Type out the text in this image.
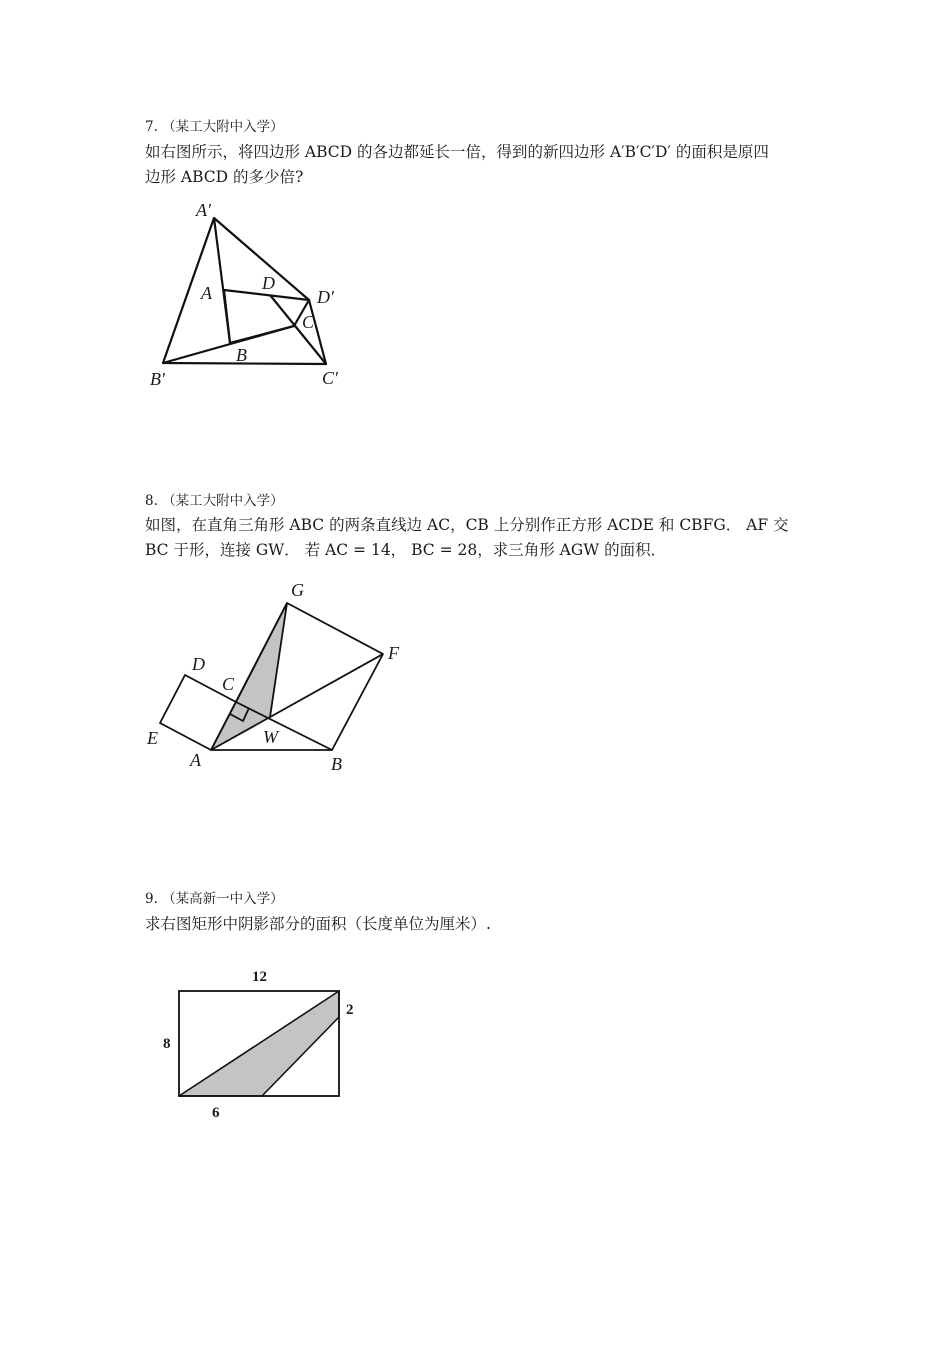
7. （某工大附中入学）
如右图所示，将四边形 ABCD 的各边都延长一倍，得到的新四边形 A′B′C′D′ 的面积是原四
边形 ABCD 的多少倍?
A′
A	D
D′
C
B
B′	C′
8. （某工大附中入学）
如图，在直角三角形 ABC 的两条直线边 AC，CB 上分别作正方形 ACDE 和 CBFG． AF 交
BC 于形，连接 GW． 若 AC = 14， BC = 28，求三角形 AGW 的面积．
G
F
D
C
E	W
A	B
9. （某高新一中入学）
求右图矩形中阴影部分的面积（长度单位为厘米）.
12
2
8
6
